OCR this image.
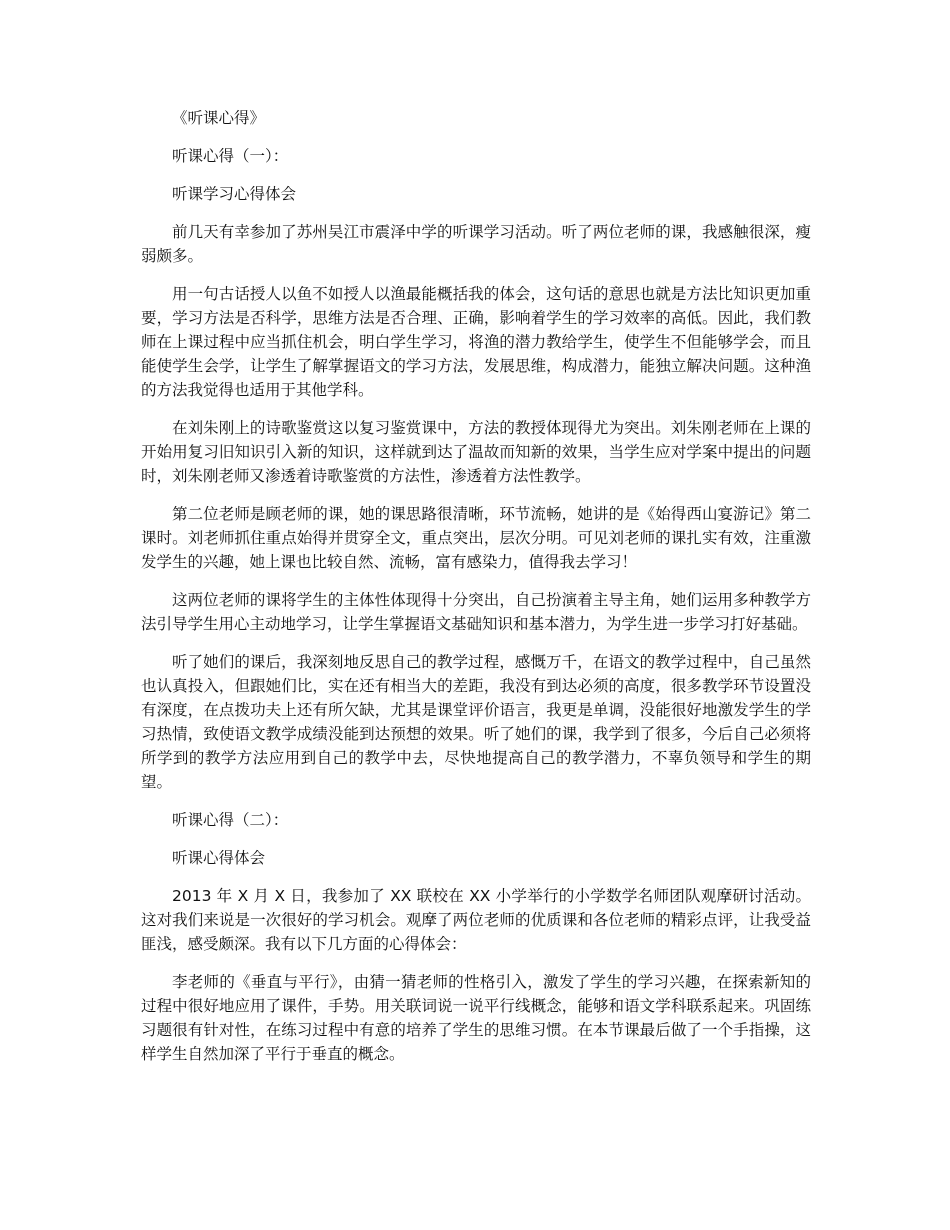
《听课心得》

听课心得（一）：

听课学习心得体会

前几天有幸参加了苏州吴江市震泽中学的听课学习活动。听了两位老师的课，我感触很深，瘦弱颇多。

用一句古话授人以鱼不如授人以渔最能概括我的体会，这句话的意思也就是方法比知识更加重要，学习方法是否科学，思维方法是否合理、正确，影响着学生的学习效率的高低。因此，我们教师在上课过程中应当抓住机会，明白学生学习，将渔的潜力教给学生，使学生不但能够学会，而且能使学生会学，让学生了解掌握语文的学习方法，发展思维，构成潜力，能独立解决问题。这种渔的方法我觉得也适用于其他学科。

在刘朱刚上的诗歌鉴赏这以复习鉴赏课中，方法的教授体现得尤为突出。刘朱刚老师在上课的开始用复习旧知识引入新的知识，这样就到达了温故而知新的效果，当学生应对学案中提出的问题时，刘朱刚老师又渗透着诗歌鉴赏的方法性，渗透着方法性教学。

第二位老师是顾老师的课，她的课思路很清晰，环节流畅，她讲的是《始得西山宴游记》第二课时。刘老师抓住重点始得并贯穿全文，重点突出，层次分明。可见刘老师的课扎实有效，注重激发学生的兴趣，她上课也比较自然、流畅，富有感染力，值得我去学习！

这两位老师的课将学生的主体性体现得十分突出，自己扮演着主导主角，她们运用多种教学方法引导学生用心主动地学习，让学生掌握语文基础知识和基本潜力，为学生进一步学习打好基础。

听了她们的课后，我深刻地反思自己的教学过程，感慨万千，在语文的教学过程中，自己虽然也认真投入，但跟她们比，实在还有相当大的差距，我没有到达必须的高度，很多教学环节设置没有深度，在点拨功夫上还有所欠缺，尤其是课堂评价语言，我更是单调，没能很好地激发学生的学习热情，致使语文教学成绩没能到达预想的效果。听了她们的课，我学到了很多，今后自己必须将所学到的教学方法应用到自己的教学中去，尽快地提高自己的教学潜力，不辜负领导和学生的期望。

听课心得（二）：

听课心得体会

2013 年 X 月 X 日，我参加了 XX 联校在 XX 小学举行的小学数学名师团队观摩研讨活动。这对我们来说是一次很好的学习机会。观摩了两位老师的优质课和各位老师的精彩点评，让我受益匪浅，感受颇深。我有以下几方面的心得体会：

李老师的《垂直与平行》，由猜一猜老师的性格引入，激发了学生的学习兴趣，在探索新知的过程中很好地应用了课件，手势。用关联词说一说平行线概念，能够和语文学科联系起来。巩固练习题很有针对性，在练习过程中有意的培养了学生的思维习惯。在本节课最后做了一个手指操，这样学生自然加深了平行于垂直的概念。
